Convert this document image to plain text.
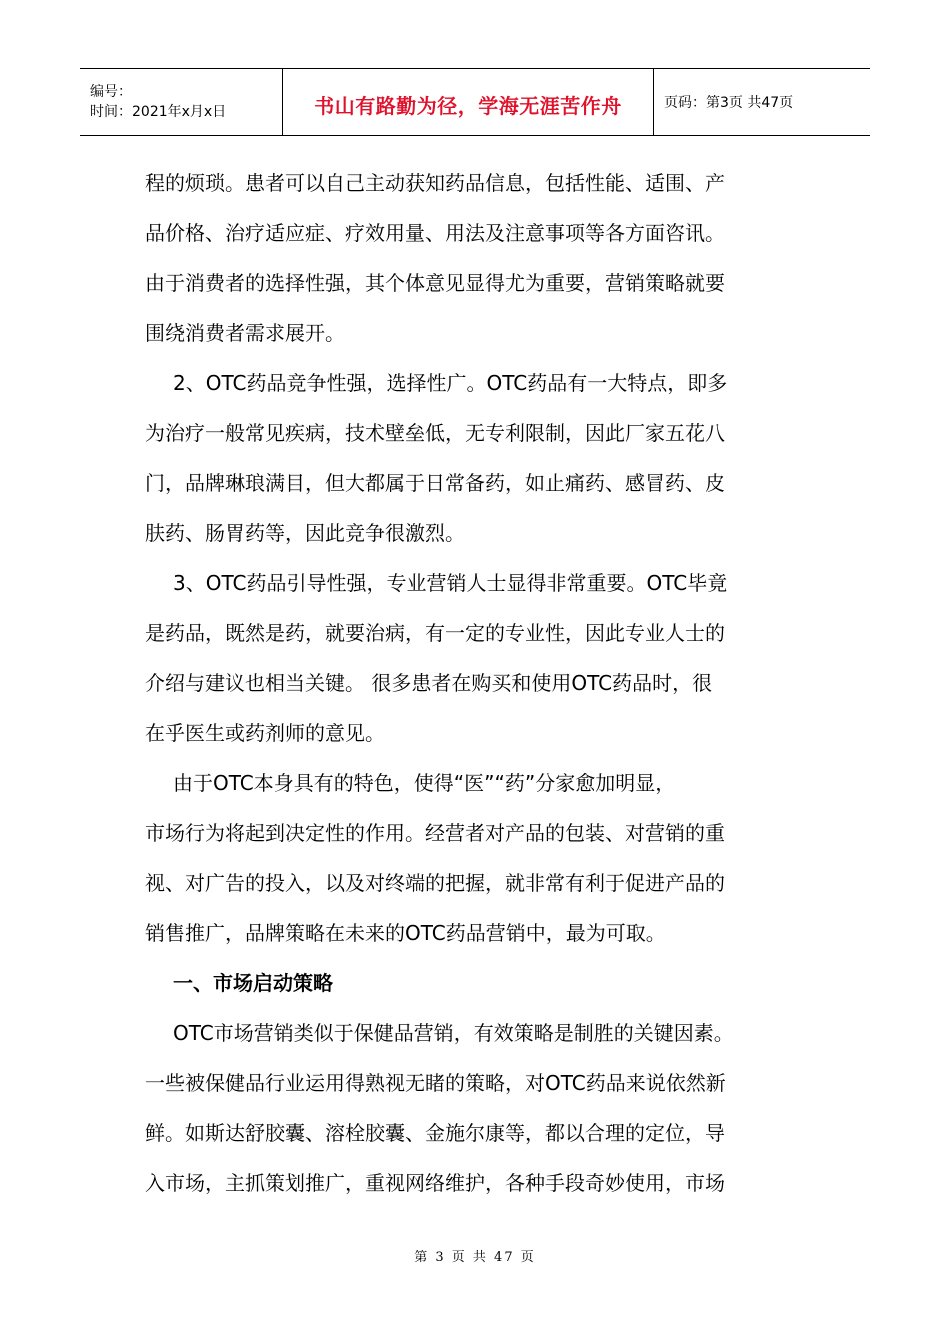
编号：
时间：2021年x月x日	书山有路勤为径，学海无涯苦作舟	页码：第3页 共47页

程的烦琐。患者可以自己主动获知药品信息，包括性能、适围、产

品价格、治疗适应症、疗效用量、用法及注意事项等各方面咨讯。

由于消费者的选择性强，其个体意见显得尤为重要，营销策略就要

围绕消费者需求展开。

2、OTC药品竞争性强，选择性广。OTC药品有一大特点，即多

为治疗一般常见疾病，技术壁垒低，无专利限制，因此厂家五花八

门，品牌琳琅满目，但大都属于日常备药，如止痛药、感冒药、皮

肤药、肠胃药等，因此竞争很激烈。

3、OTC药品引导性强，专业营销人士显得非常重要。OTC毕竟

是药品，既然是药，就要治病，有一定的专业性，因此专业人士的

介绍与建议也相当关键。 很多患者在购买和使用OTC药品时，很

在乎医生或药剂师的意见。

由于OTC本身具有的特色，使得“医”“药”分家愈加明显，

市场行为将起到决定性的作用。经营者对产品的包装、对营销的重

视、对广告的投入，以及对终端的把握，就非常有利于促进产品的

销售推广，品牌策略在未来的OTC药品营销中，最为可取。

一、市场启动策略

OTC市场营销类似于保健品营销，有效策略是制胜的关键因素。

一些被保健品行业运用得熟视无睹的策略，对OTC药品来说依然新

鲜。如斯达舒胶囊、溶栓胶囊、金施尔康等，都以合理的定位，导

入市场，主抓策划推广，重视网络维护，各种手段奇妙使用，市场

第 3 页 共 47 页
